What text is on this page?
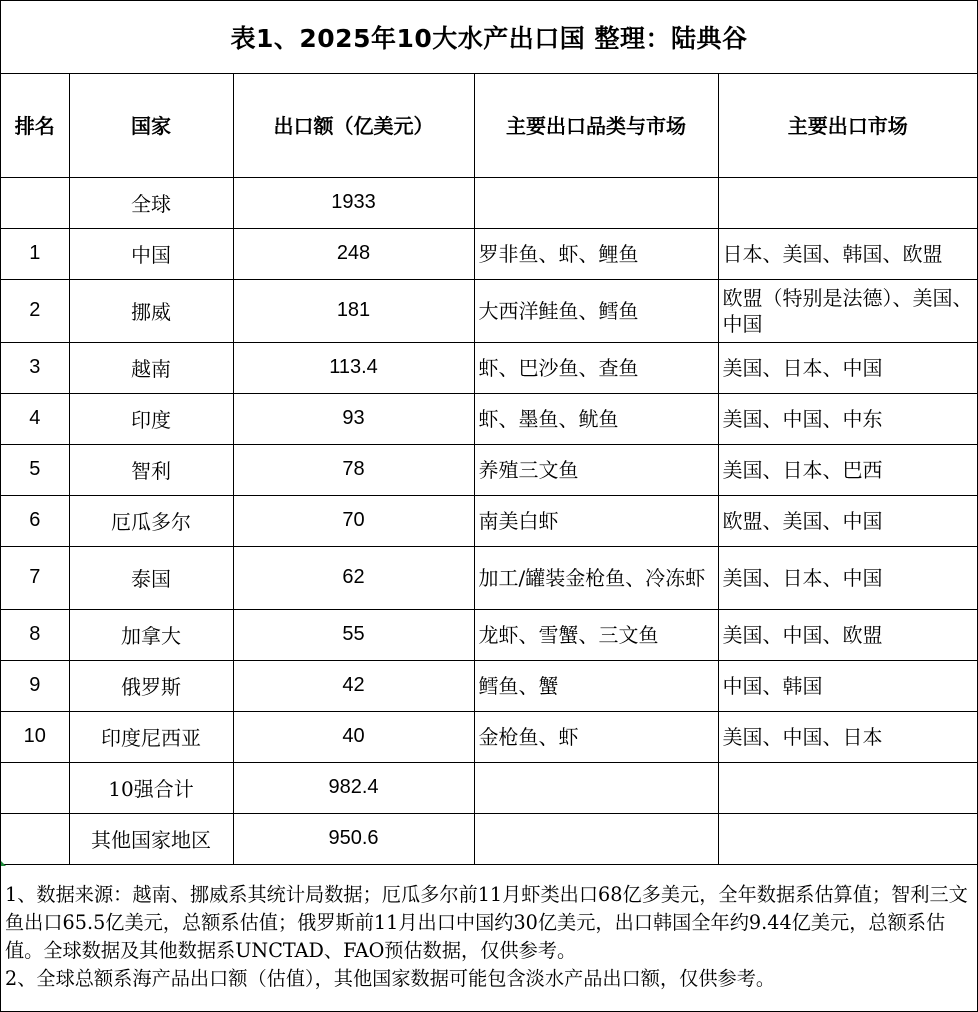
表1、2025年10大水产出口国 整理：陆典谷
排名	国家	出口额（亿美元）	主要出口品类与市场	主要出口市场
	全球	1933		
1	中国	248	罗非鱼、虾、鲤鱼	日本、美国、韩国、欧盟
2	挪威	181	大西洋鲑鱼、鳕鱼	欧盟（特别是法德）、美国、中国
3	越南	113.4	虾、巴沙鱼、查鱼	美国、日本、中国
4	印度	93	虾、墨鱼、鱿鱼	美国、中国、中东
5	智利	78	养殖三文鱼	美国、日本、巴西
6	厄瓜多尔	70	南美白虾	欧盟、美国、中国
7	泰国	62	加工/罐装金枪鱼、冷冻虾	美国、日本、中国
8	加拿大	55	龙虾、雪蟹、三文鱼	美国、中国、欧盟
9	俄罗斯	42	鳕鱼、蟹	中国、韩国
10	印度尼西亚	40	金枪鱼、虾	美国、中国、日本
	10强合计	982.4		
	其他国家地区	950.6		

1、数据来源：越南、挪威系其统计局数据；厄瓜多尔前11月虾类出口68亿多美元，全年数据系估算值；智利三文鱼出口65.5亿美元，总额系估值；俄罗斯前11月出口中国约30亿美元，出口韩国全年约9.44亿美元，总额系估值。全球数据及其他数据系UNCTAD、FAO预估数据，仅供参考。

2、全球总额系海产品出口额（估值），其他国家数据可能包含淡水产品出口额，仅供参考。
